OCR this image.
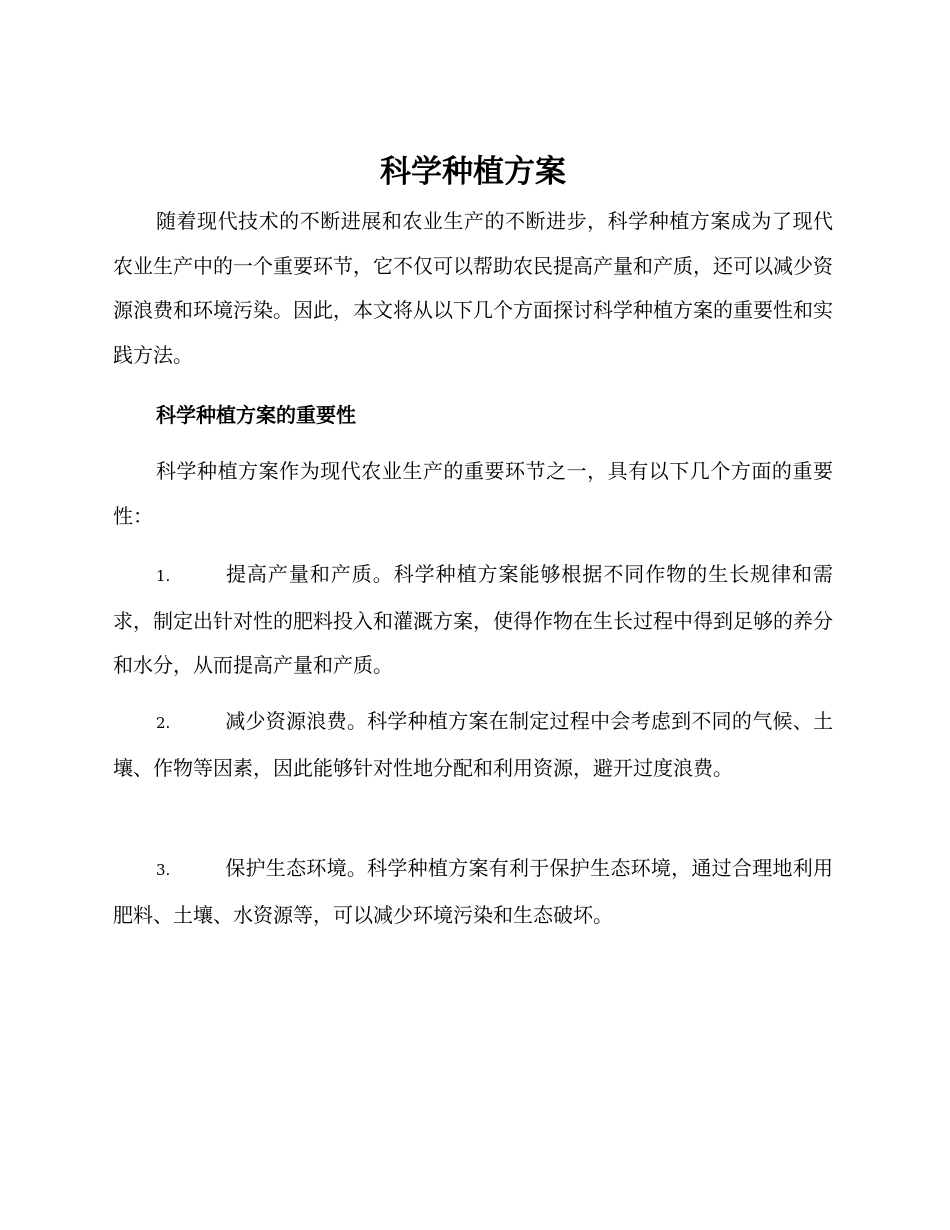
科学种植方案

随着现代技术的不断进展和农业生产的不断进步，科学种植方案成为了现代农业生产中的一个重要环节，它不仅可以帮助农民提高产量和产质，还可以减少资源浪费和环境污染。因此，本文将从以下几个方面探讨科学种植方案的重要性和实践方法。

科学种植方案的重要性

科学种植方案作为现代农业生产的重要环节之一，具有以下几个方面的重要性：

1.	提高产量和产质。科学种植方案能够根据不同作物的生长规律和需求，制定出针对性的肥料投入和灌溉方案，使得作物在生长过程中得到足够的养分和水分，从而提高产量和产质。

2.	减少资源浪费。科学种植方案在制定过程中会考虑到不同的气候、土壤、作物等因素，因此能够针对性地分配和利用资源，避开过度浪费。

3.	保护生态环境。科学种植方案有利于保护生态环境，通过合理地利用肥料、土壤、水资源等，可以减少环境污染和生态破坏。
